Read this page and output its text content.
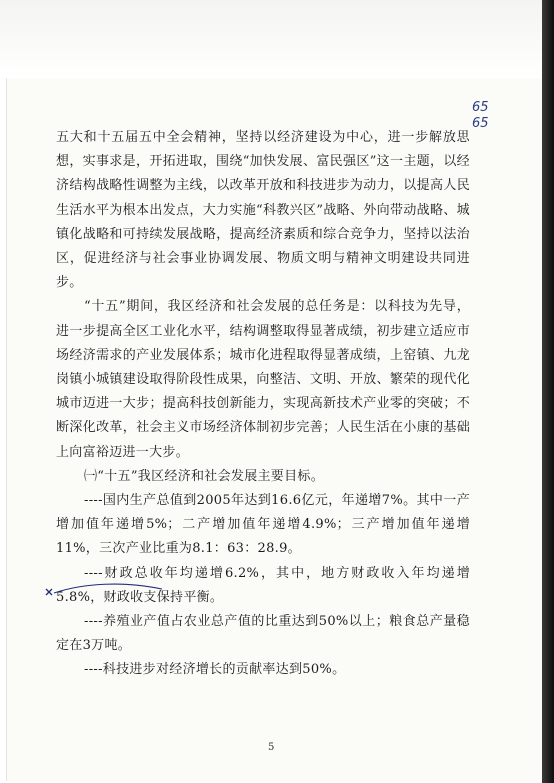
65
65

五大和十五届五中全会精神，坚持以经济建设为中心，进一步解放思想，实事求是，开拓进取，围绕“加快发展、富民强区”这一主题，以经济结构战略性调整为主线，以改革开放和科技进步为动力，以提高人民生活水平为根本出发点，大力实施“科教兴区”战略、外向带动战略、城镇化战略和可持续发展战略，提高经济素质和综合竞争力，坚持以法治区，促进经济与社会事业协调发展、物质文明与精神文明建设共同进步。

“十五”期间，我区经济和社会发展的总任务是：以科技为先导，进一步提高全区工业化水平，结构调整取得显著成绩，初步建立适应市场经济需求的产业发展体系；城市化进程取得显著成绩，上窑镇、九龙岗镇小城镇建设取得阶段性成果，向整洁、文明、开放、繁荣的现代化城市迈进一大步；提高科技创新能力，实现高新技术产业零的突破；不断深化改革，社会主义市场经济体制初步完善；人民生活在小康的基础上向富裕迈进一大步。

㈠“十五”我区经济和社会发展主要目标。

----国内生产总值到2005年达到16.6亿元，年递增7%。其中一产增加值年递增5%；二产增加值年递增4.9%；三产增加值年递增11%，三次产业比重为8.1：63：28.9。

----财政总收年均递增6.2%，其中，地方财政收入年均递增5.8%，财政收支保持平衡。

----养殖业产值占农业总产值的比重达到50%以上；粮食总产量稳定在3万吨。

----科技进步对经济增长的贡献率达到50%。

5
